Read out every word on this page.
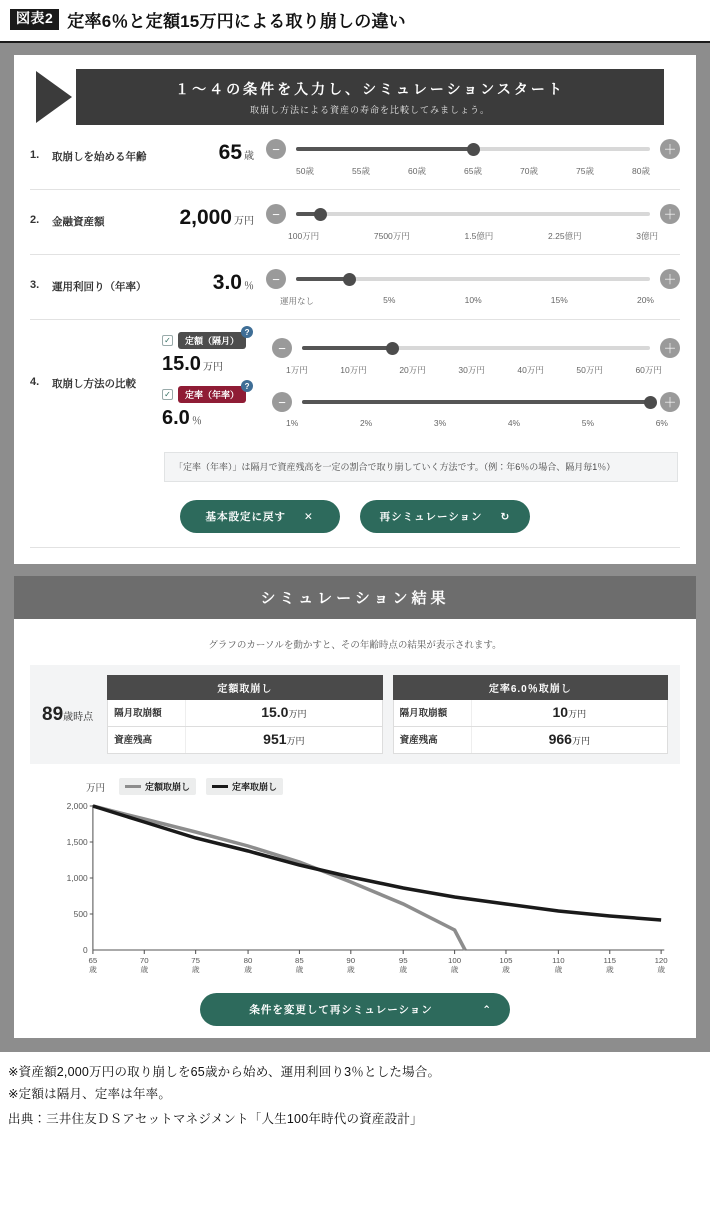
図表2 定率6％と定額15万円による取り崩しの違い
１～４の条件を入力し、シミュレーションスタート
取崩し方法による資産の寿命を比較してみましょう。
1.	取崩しを始める年齢	65 歳	−	＋
50歳	55歳	60歳	65歳	70歳	75歳	80歳
2.	金融資産額	2,000 万円	−	＋
100万円	7500万円	1.5億円	2.25億円	3億円
3.	運用利回り（年率）	3.0 ％	−	＋
運用なし	5%	10%	15%	20%
4.	取崩し方法の比較
✓	定額（隔月）
?
15.0 万円
−	＋
1万円	10万円	20万円	30万円	40万円	50万円	60万円
✓	定率（年率）
?
6.0 ％
−	＋
1%	2%	3%	4%	5%	6%
「定率（年率）」は隔月で資産残高を一定の割合で取り崩していく方法です。（例：年6％の場合、隔月毎1％）
基本設定に戻す ✕	再シミュレーション ↻
シミュレーション結果
グラフのカーソルを動かすと、その年齢時点の結果が表示されます。
89歳時点
定額取崩し
隔月取崩額	15.0万円
資産残高	951万円
定率6.0％取崩し
隔月取崩額	10万円
資産残高	966万円
万円	定額取崩し	定率取崩し
2,000
1,500
1,000
500
0
65
歳
70
歳
75
歳
80
歳
85
歳
90
歳
95
歳
100
歳
105
歳
110
歳
115
歳
120
歳
条件を変更して再シミュレーション	⌃

※資産額2,000万円の取り崩しを65歳から始め、運用利回り3％とした場合。

※定額は隔月、定率は年率。

出典：三井住友ＤＳアセットマネジメント「人生100年時代の資産設計」
